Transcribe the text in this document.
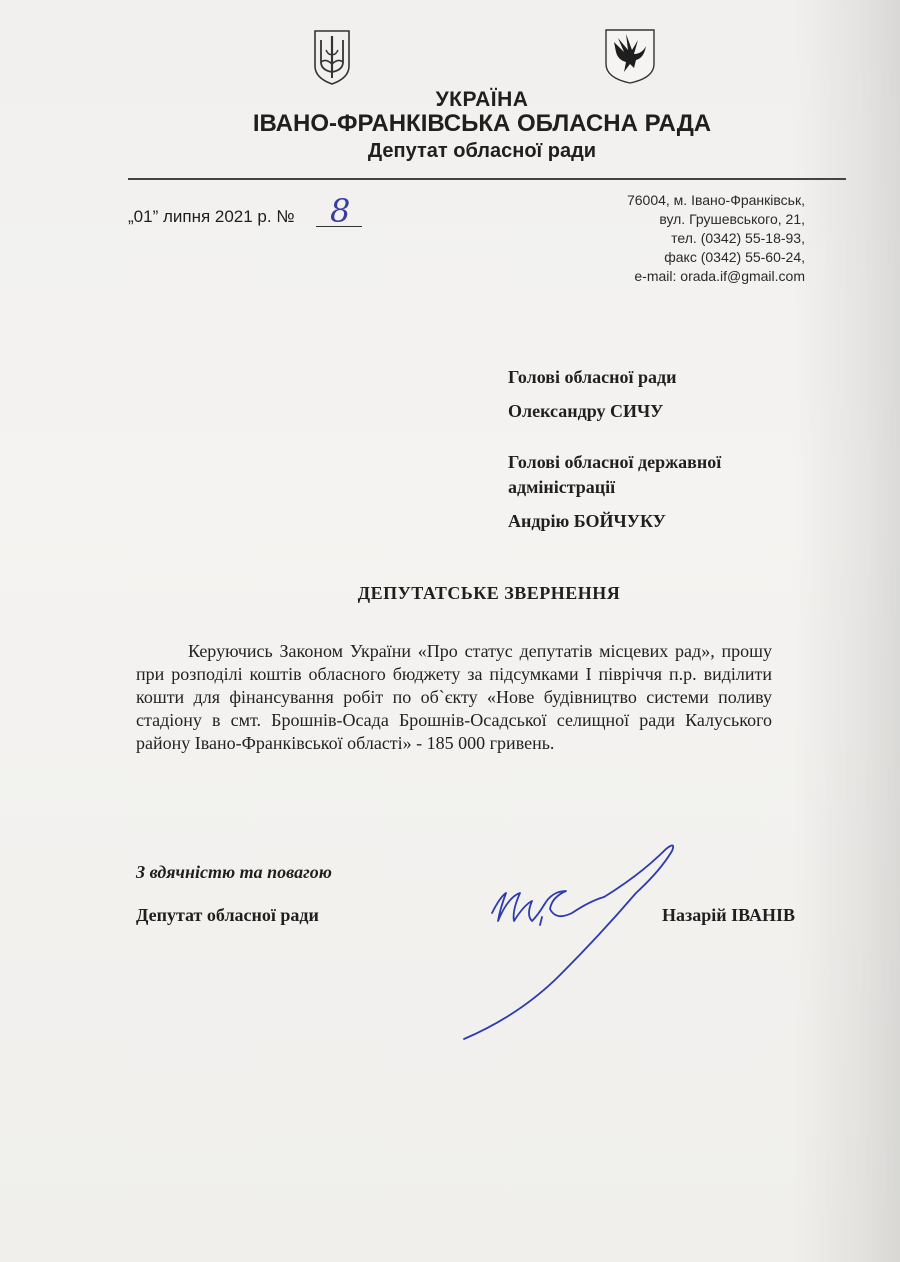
УКРАЇНА
ІВАНО-ФРАНКІВСЬКА ОБЛАСНА РАДА
Депутат обласної ради
„01” липня 2021 р. № 8	76004, м. Івано-Франківськ,
вул. Грушевського, 21,
тел. (0342) 55-18-93,
факс (0342) 55-60-24,
e-mail: orada.if@gmail.com
Голові обласної ради
Олександру СИЧУ
Голові обласної державної
адміністрації
Андрію БОЙЧУКУ
ДЕПУТАТСЬКЕ ЗВЕРНЕННЯ

Керуючись Законом України «Про статус депутатів місцевих рад», прошу при розподілі коштів обласного бюджету за підсумками І півріччя п.р. виділити кошти для фінансування робіт по об`єкту «Нове будівництво системи поливу стадіону в смт. Брошнів-Осада Брошнів-Осадської селищної ради Калуського району Івано-Франківської області» - 185 000 гривень.

З вдячністю та повагою
Депутат обласної ради	Назарій ІВАНІВ
